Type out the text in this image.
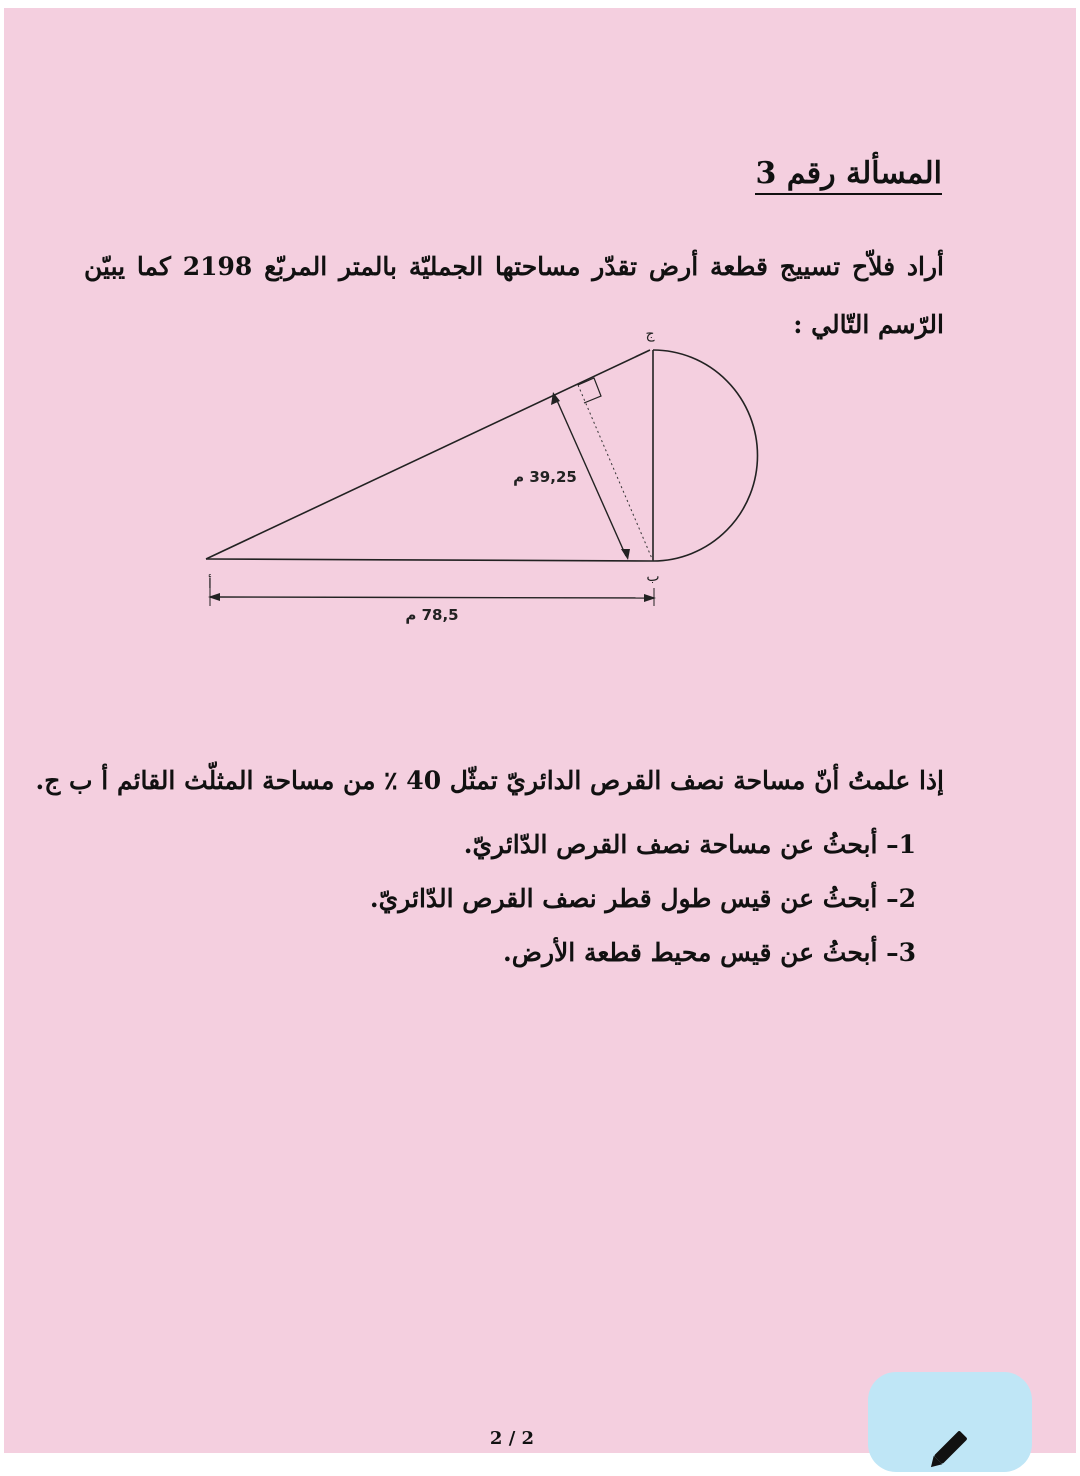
المسألة رقم 3
أراد فلاّح تسييج قطعة أرض تقدّر مساحتها الجمليّة بالمتر المربّع 2198 كما يبيّن الرّسم التّالي :
ج
ب
أ
39,25 م
78,5 م
إذا علمتُ أنّ مساحة نصف القرص الدائريّ تمثّل 40 ٪ من مساحة المثلّث القائم أ ب ج.
1– أبحثُ عن مساحة نصف القرص الدّائريّ.
2– أبحثُ عن قيس طول قطر نصف القرص الدّائريّ.
3– أبحثُ عن قيس محيط قطعة الأرض.
2 / 2
